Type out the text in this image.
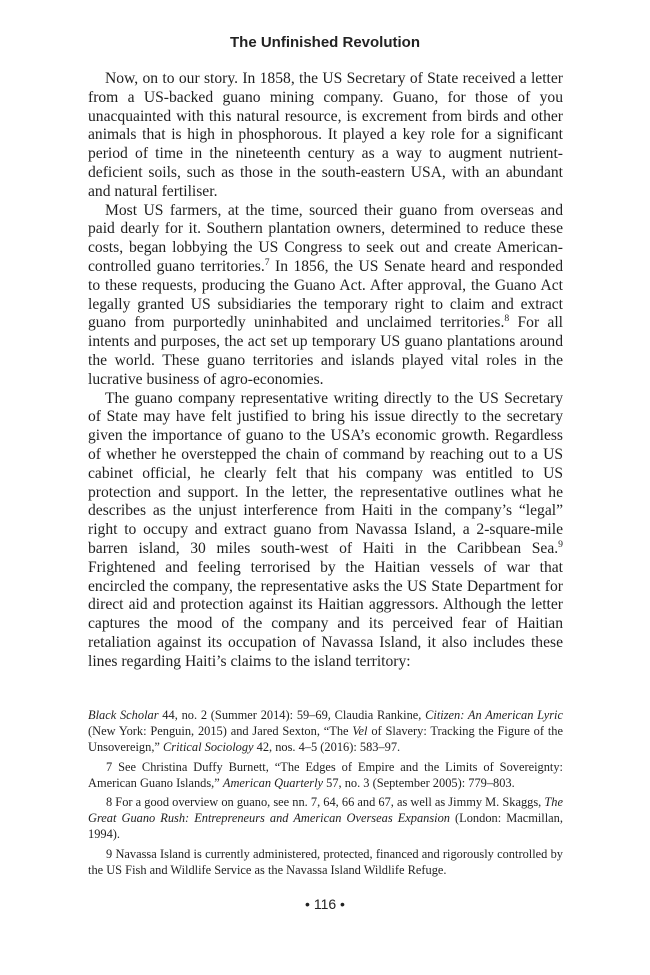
The Unfinished Revolution

Now, on to our story. In 1858, the US Secretary of State received a letter from a US-backed guano mining company. Guano, for those of you unacquainted with this natural resource, is excrement from birds and other animals that is high in phosphorous. It played a key role for a significant period of time in the nineteenth century as a way to augment nutrient-deficient soils, such as those in the south-eastern USA, with an abundant and natural fertiliser.

Most US farmers, at the time, sourced their guano from overseas and paid dearly for it. Southern plantation owners, determined to reduce these costs, began lobbying the US Congress to seek out and create American-controlled guano territories.$^7$ In 1856, the US Senate heard and responded to these requests, producing the Guano Act. After approval, the Guano Act legally granted US subsidiaries the temporary right to claim and extract guano from purportedly uninhabited and unclaimed territories.$^8$ For all intents and purposes, the act set up temporary US guano plantations around the world. These guano territories and islands played vital roles in the lucrative business of agro-economies.

The guano company representative writing directly to the US Secretary of State may have felt justified to bring his issue directly to the secretary given the importance of guano to the USA’s economic growth. Regardless of whether he overstepped the chain of command by reaching out to a US cabinet official, he clearly felt that his company was entitled to US protection and support. In the letter, the representative outlines what he describes as the unjust interference from Haiti in the company’s “legal” right to occupy and extract guano from Navassa Island, a 2-square-mile barren island, 30 miles south-west of Haiti in the Caribbean Sea.$^9$ Frightened and feeling terrorised by the Haitian vessels of war that encircled the company, the representative asks the US State Department for direct aid and protection against its Haitian aggressors. Although the letter captures the mood of the company and its perceived fear of Haitian retaliation against its occupation of Navassa Island, it also includes these lines regarding Haiti’s claims to the island territory:

Black Scholar 44, no. 2 (Summer 2014): 59–69, Claudia Rankine, Citizen: An American Lyric (New York: Penguin, 2015) and Jared Sexton, “The Vel of Slavery: Tracking the Figure of the Unsovereign,” Critical Sociology 42, nos. 4–5 (2016): 583–97.

7 See Christina Duffy Burnett, “The Edges of Empire and the Limits of Sovereignty: American Guano Islands,” American Quarterly 57, no. 3 (September 2005): 779–803.

8 For a good overview on guano, see nn. 7, 64, 66 and 67, as well as Jimmy M. Skaggs, The Great Guano Rush: Entrepreneurs and American Overseas Expansion (London: Macmillan, 1994).

9 Navassa Island is currently administered, protected, financed and rigorously controlled by the US Fish and Wildlife Service as the Navassa Island Wildlife Refuge.

• 116 •
